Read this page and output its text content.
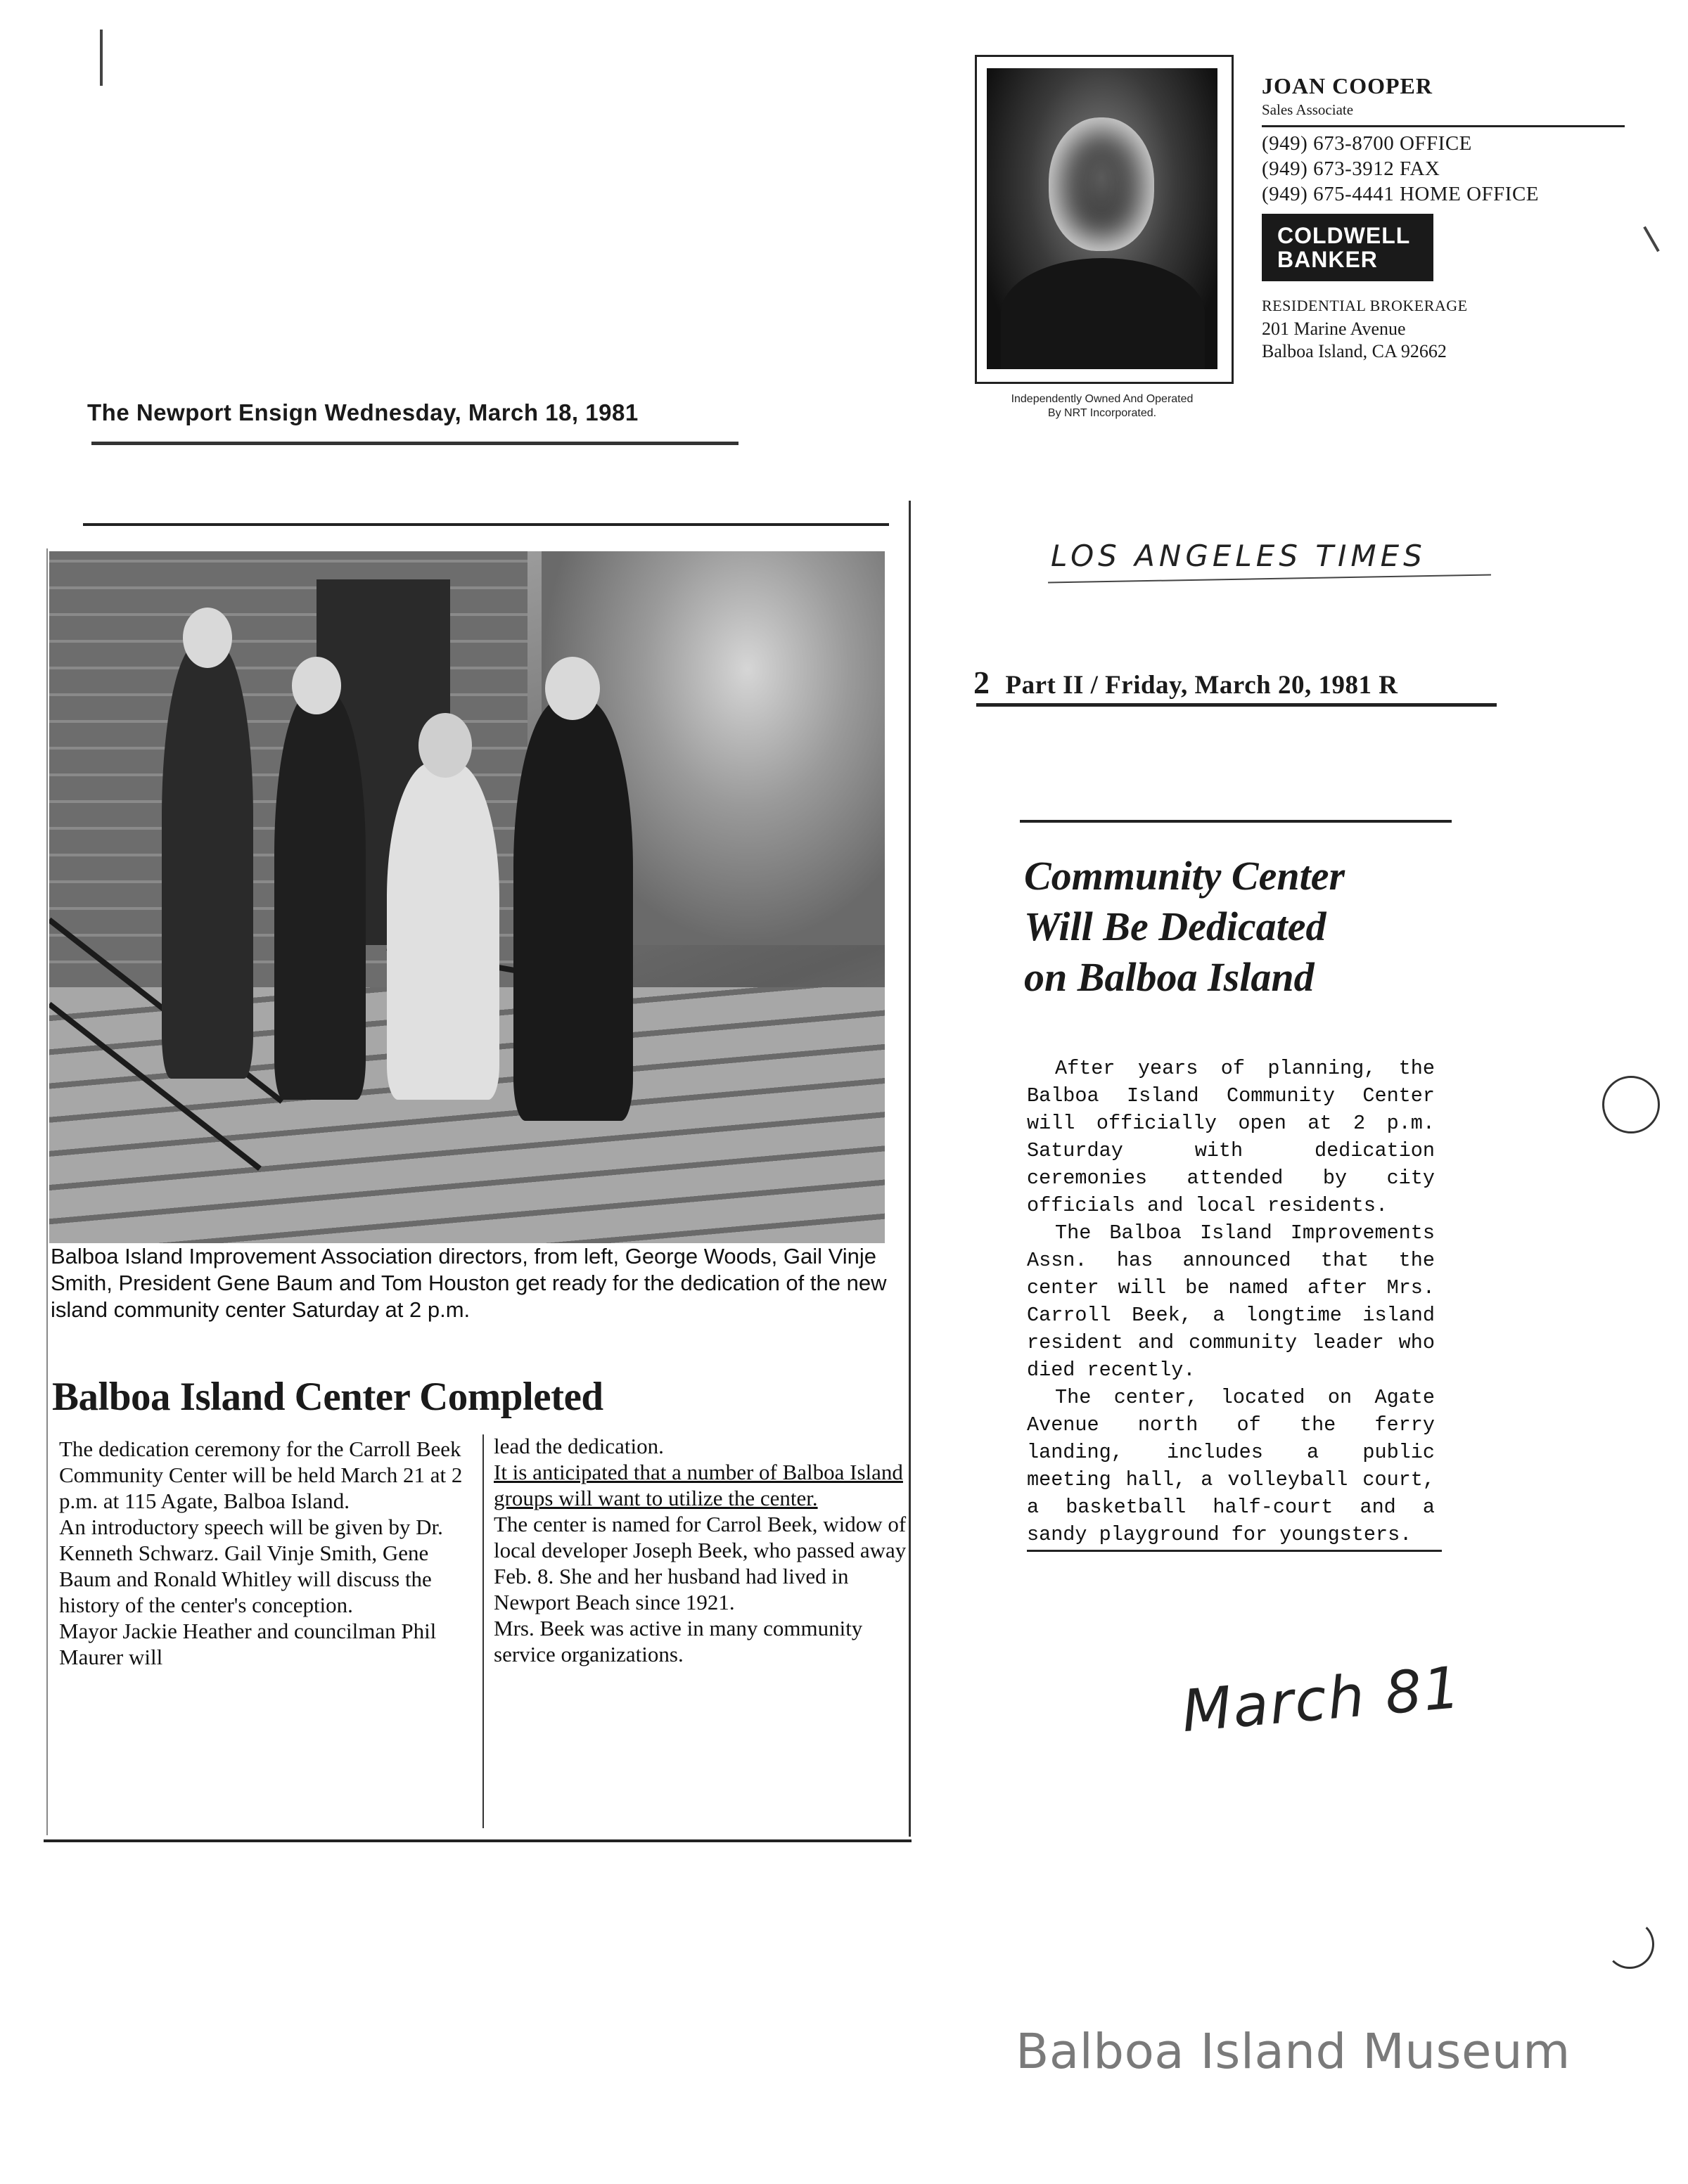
Independently Owned And Operated
By NRT Incorporated.
JOAN COOPER
Sales Associate
(949) 673-8700 OFFICE
(949) 673-3912 FAX
(949) 675-4441 HOME OFFICE
COLDWELL
BANKER
RESIDENTIAL BROKERAGE
201 Marine Avenue
Balboa Island, CA 92662
The Newport Ensign Wednesday, March 18, 1981
Balboa Island Improvement Association directors, from left, George Woods, Gail Vinje Smith, President Gene Baum and Tom Houston get ready for the dedication of the new island community center Saturday at 2 p.m.
Balboa Island Center Completed

The dedication ceremony for the Carroll Beek Community Center will be held March 21 at 2 p.m. at 115 Agate, Balboa Island.

An introductory speech will be given by Dr. Kenneth Schwarz. Gail Vinje Smith, Gene Baum and Ronald Whitley will discuss the history of the center's conception.

Mayor Jackie Heather and councilman Phil Maurer will

lead the dedication.

It is anticipated that a number of Balboa Island groups will want to utilize the center.

The center is named for Carrol Beek, widow of local developer Joseph Beek, who passed away Feb. 8. She and her husband had lived in Newport Beach since 1921.

Mrs. Beek was active in many community service organizations.

LOS ANGELES TIMES
2 Part II / Friday, March 20, 1981 R
Community Center
Will Be Dedicated
on Balboa Island

After years of planning, the Balboa Island Community Center will officially open at 2 p.m. Saturday with dedication ceremonies attended by city officials and local residents.

The Balboa Island Improvements Assn. has announced that the center will be named after Mrs. Carroll Beek, a longtime island resident and community leader who died recently.

The center, located on Agate Avenue north of the ferry landing, includes a public meeting hall, a volleyball court, a basketball half-court and a sandy playground for youngsters.

March 81
Balboa Island Museum
